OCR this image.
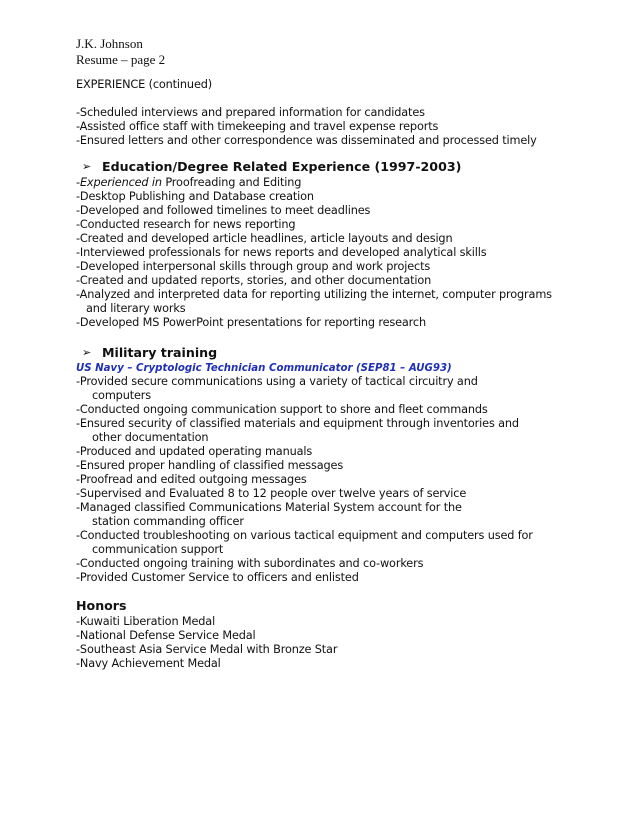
J.K. Johnson
Resume – page 2
EXPERIENCE (continued)
-Scheduled interviews and prepared information for candidates
-Assisted office staff with timekeeping and travel expense reports
-Ensured letters and other correspondence was disseminated and processed timely
➢ Education/Degree Related Experience (1997-2003)
-Experienced in Proofreading and Editing
-Desktop Publishing and Database creation
-Developed and followed timelines to meet deadlines
-Conducted research for news reporting
-Created and developed article headlines, article layouts and design
-Interviewed professionals for news reports and developed analytical skills
-Developed interpersonal skills through group and work projects
-Created and updated reports, stories, and other documentation
-Analyzed and interpreted data for reporting utilizing the internet, computer programs
and literary works
-Developed MS PowerPoint presentations for reporting research
➢ Military training
US Navy – Cryptologic Technician Communicator (SEP81 – AUG93)
-Provided secure communications using a variety of tactical circuitry and
computers
-Conducted ongoing communication support to shore and fleet commands
-Ensured security of classified materials and equipment through inventories and
other documentation
-Produced and updated operating manuals
-Ensured proper handling of classified messages
-Proofread and edited outgoing messages
-Supervised and Evaluated 8 to 12 people over twelve years of service
-Managed classified Communications Material System account for the
station commanding officer
-Conducted troubleshooting on various tactical equipment and computers used for
communication support
-Conducted ongoing training with subordinates and co-workers
-Provided Customer Service to officers and enlisted
Honors
-Kuwaiti Liberation Medal
-National Defense Service Medal
-Southeast Asia Service Medal with Bronze Star
-Navy Achievement Medal
